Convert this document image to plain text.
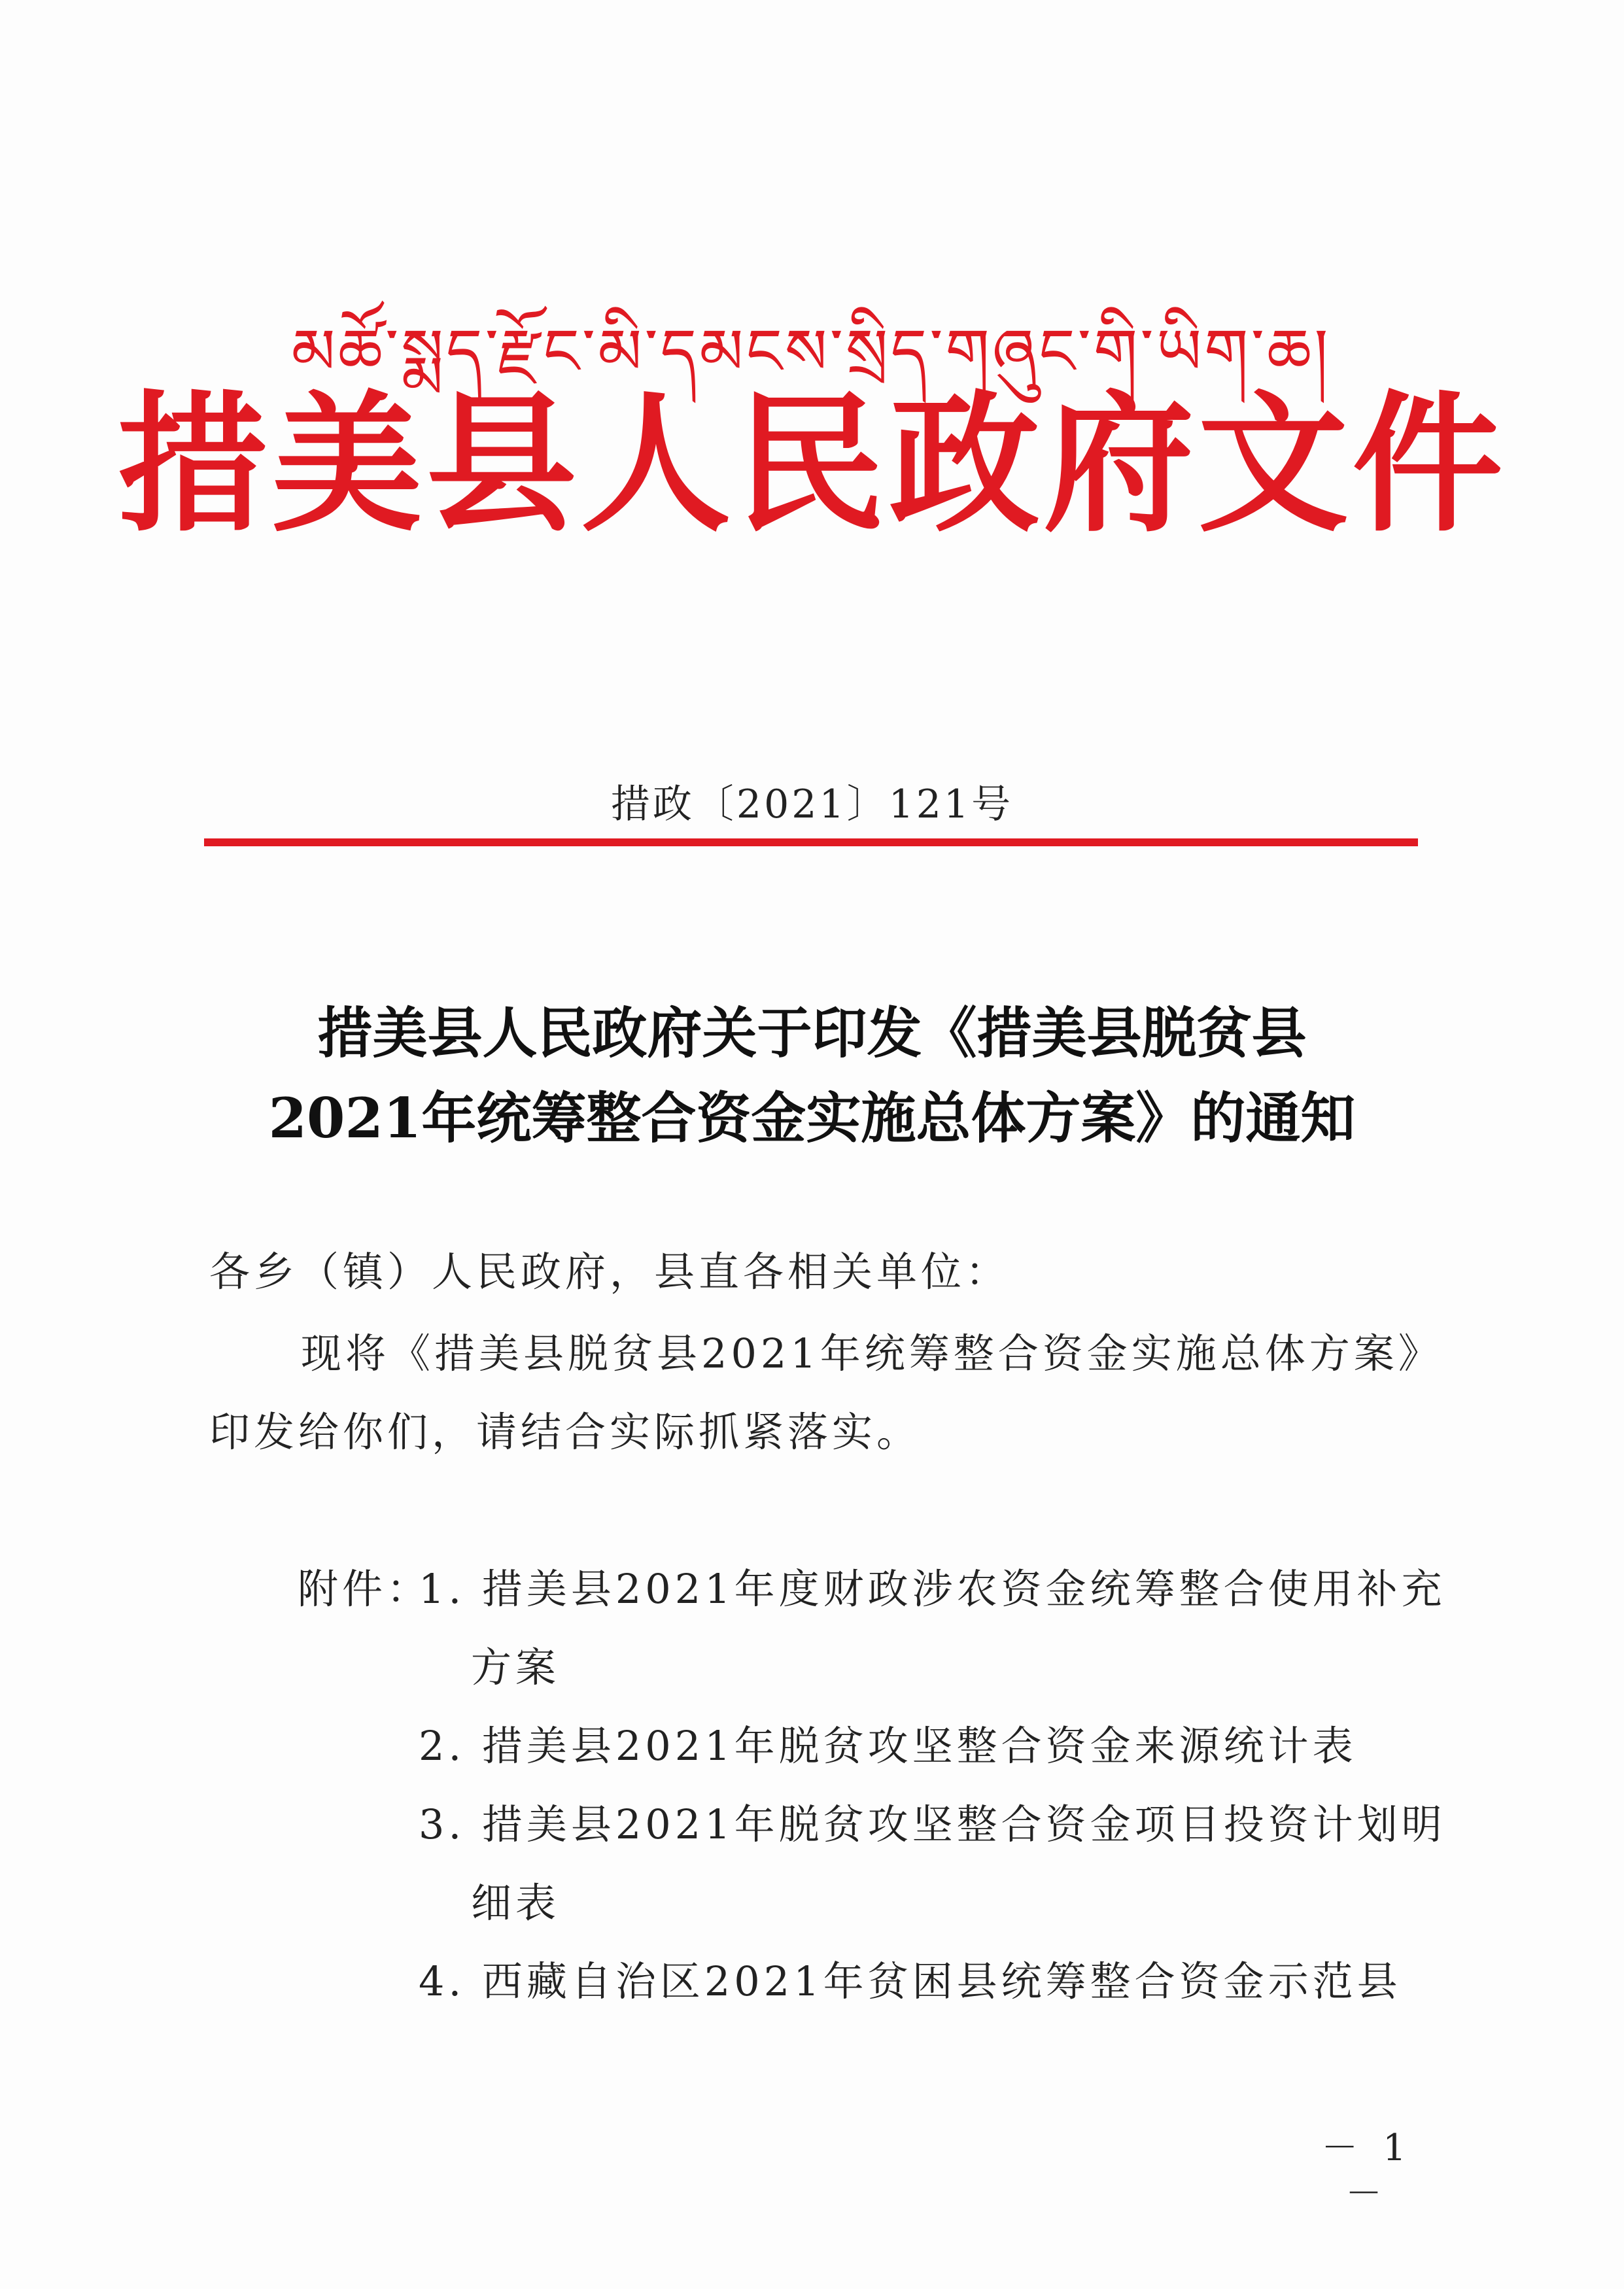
མཚོ་སྨད་རྫོང་མི་དམངས་སྲིད་གཞུང་གི་ཡིག་ཆ།
措美县人民政府文件
措政〔2021〕121号
措美县人民政府关于印发《措美县脱贫县
2021年统筹整合资金实施总体方案》的通知
各乡（镇）人民政府，县直各相关单位：
现将《措美县脱贫县2021年统筹整合资金实施总体方案》
印发给你们，请结合实际抓紧落实。
附件：
1. 措美县2021年度财政涉农资金统筹整合使用补充
方案
2. 措美县2021年脱贫攻坚整合资金来源统计表
3. 措美县2021年脱贫攻坚整合资金项目投资计划明
细表
4. 西藏自治区2021年贫困县统筹整合资金示范县
－ 1 －
